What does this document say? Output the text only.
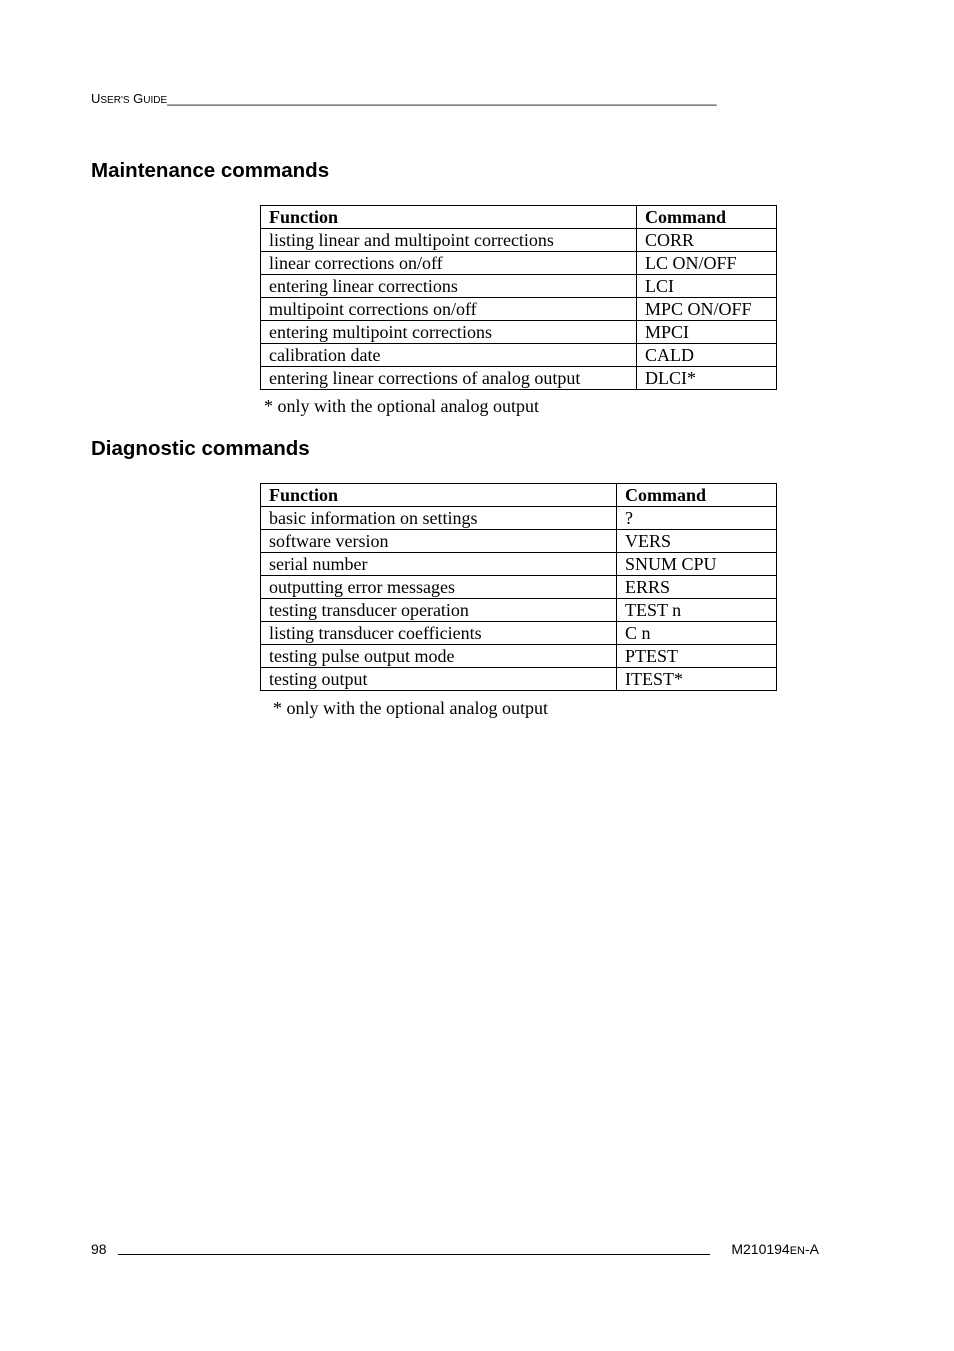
USER'S GUIDE____________________________________________________________________________
Maintenance commands
Function	Command
listing linear and multipoint corrections	CORR
linear corrections on/off	LC ON/OFF
entering linear corrections	LCI
multipoint corrections on/off	MPC ON/OFF
entering multipoint corrections	MPCI
calibration date	CALD
entering linear corrections of analog output	DLCI*
* only with the optional analog output
Diagnostic commands
Function	Command
basic information on settings	?
software version	VERS
serial number	SNUM CPU
outputting error messages	ERRS
testing transducer operation	TEST n
listing transducer coefficients	C n
testing pulse output mode	PTEST
testing output	ITEST*
* only with the optional analog output
98	M210194EN-A
